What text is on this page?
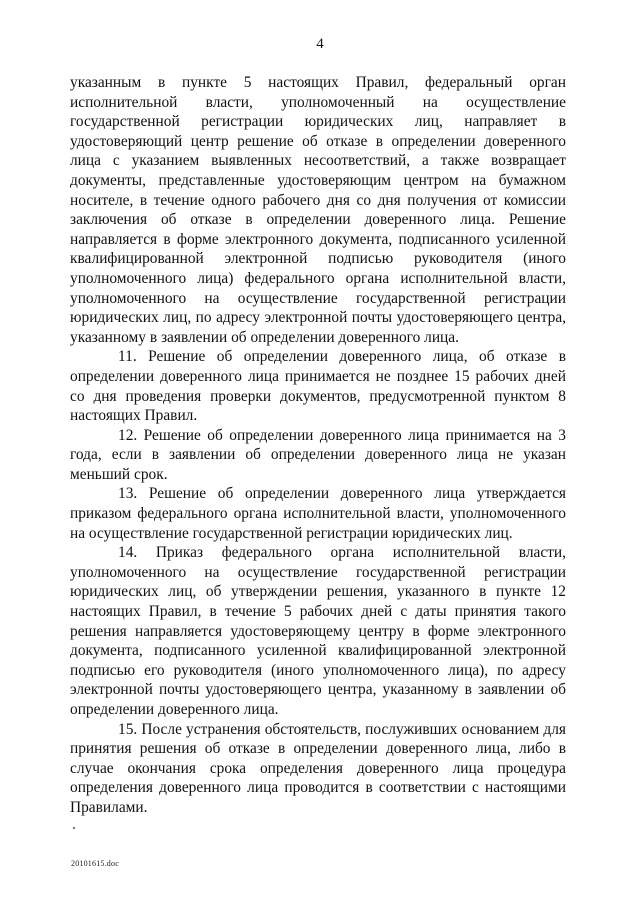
4

указанным в пункте 5 настоящих Правил, федеральный орган исполнительной власти, уполномоченный на осуществление государственной регистрации юридических лиц, направляет в удостоверяющий центр решение об отказе в определении доверенного лица с указанием выявленных несоответствий, а также возвращает документы, представленные удостоверяющим центром на бумажном носителе, в течение одного рабочего дня со дня получения от комиссии заключения об отказе в определении доверенного лица. Решение направляется в форме электронного документа, подписанного усиленной квалифицированной электронной подписью руководителя (иного уполномоченного лица) федерального органа исполнительной власти, уполномоченного на осуществление государственной регистрации юридических лиц, по адресу электронной почты удостоверяющего центра, указанному в заявлении об определении доверенного лица.

11. Решение об определении доверенного лица, об отказе в определении доверенного лица принимается не позднее 15 рабочих дней со дня проведения проверки документов, предусмотренной пунктом 8 настоящих Правил.

12. Решение об определении доверенного лица принимается на 3 года, если в заявлении об определении доверенного лица не указан меньший срок.

13. Решение об определении доверенного лица утверждается приказом федерального органа исполнительной власти, уполномоченного на осуществление государственной регистрации юридических лиц.

14. Приказ федерального органа исполнительной власти, уполномоченного на осуществление государственной регистрации юридических лиц, об утверждении решения, указанного в пункте 12 настоящих Правил, в течение 5 рабочих дней с даты принятия такого решения направляется удостоверяющему центру в форме электронного документа, подписанного усиленной квалифицированной электронной подписью его руководителя (иного уполномоченного лица), по адресу электронной почты удостоверяющего центра, указанному в заявлении об определении доверенного лица.

15. После устранения обстоятельств, послуживших основанием для принятия решения об отказе в определении доверенного лица, либо в случае окончания срока определения доверенного лица процедура определения доверенного лица проводится в соответствии с настоящими Правилами.

20101615.doc
